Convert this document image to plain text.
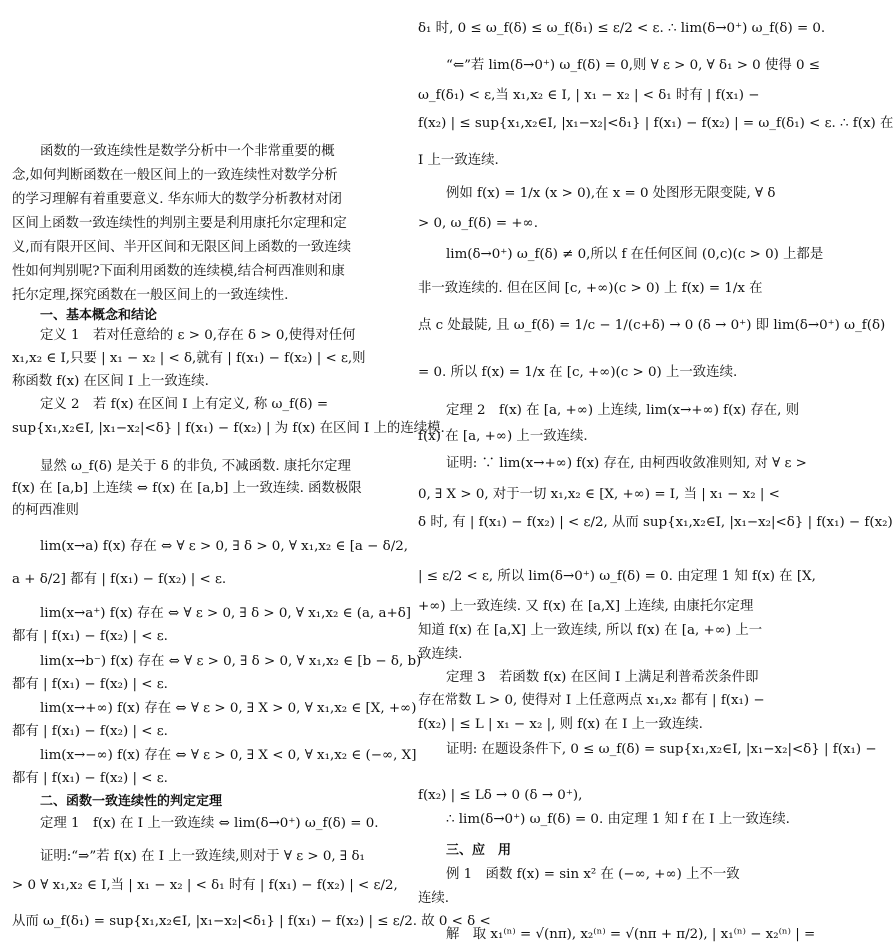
函数的一致连续性是数学分析中一个非常重要的概
念,如何判断函数在一般区间上的一致连续性对数学分析
的学习理解有着重要意义. 华东师大的数学分析教材对闭
区间上函数一致连续性的判别主要是利用康托尔定理和定
义,而有限开区间、半开区间和无限区间上函数的一致连续
性如何判别呢?下面利用函数的连续模,结合柯西准则和康
托尔定理,探究函数在一般区间上的一致连续性.
一、基本概念和结论
定义 1　若对任意给的 ε > 0,存在 δ > 0,使得对任何
x₁,x₂ ∈ I,只要 | x₁ − x₂ | < δ,就有 | f(x₁) − f(x₂) | < ε,则
称函数 f(x) 在区间 I 上一致连续.
定义 2　若 f(x) 在区间 I 上有定义, 称 ω_f(δ) =
sup{x₁,x₂∈I, |x₁−x₂|<δ} | f(x₁) − f(x₂) | 为 f(x) 在区间 I 上的连续模.
显然 ω_f(δ) 是关于 δ 的非负, 不减函数. 康托尔定理
f(x) 在 [a,b] 上连续 ⇔ f(x) 在 [a,b] 上一致连续. 函数极限
的柯西准则
lim(x→a) f(x) 存在 ⇔ ∀ ε > 0, ∃ δ > 0, ∀ x₁,x₂ ∈ [a − δ/2,
a + δ/2] 都有 | f(x₁) − f(x₂) | < ε.
lim(x→a⁺) f(x) 存在 ⇔ ∀ ε > 0, ∃ δ > 0, ∀ x₁,x₂ ∈ (a, a+δ]
都有 | f(x₁) − f(x₂) | < ε.
lim(x→b⁻) f(x) 存在 ⇔ ∀ ε > 0, ∃ δ > 0, ∀ x₁,x₂ ∈ [b − δ, b)
都有 | f(x₁) − f(x₂) | < ε.
lim(x→+∞) f(x) 存在 ⇔ ∀ ε > 0, ∃ X > 0, ∀ x₁,x₂ ∈ [X, +∞)
都有 | f(x₁) − f(x₂) | < ε.
lim(x→−∞) f(x) 存在 ⇔ ∀ ε > 0, ∃ X < 0, ∀ x₁,x₂ ∈ (−∞, X]
都有 | f(x₁) − f(x₂) | < ε.
二、函数一致连续性的判定定理
定理 1　f(x) 在 I 上一致连续 ⇔ lim(δ→0⁺) ω_f(δ) = 0.
证明:“⇒”若 f(x) 在 I 上一致连续,则对于 ∀ ε > 0, ∃ δ₁
> 0 ∀ x₁,x₂ ∈ I,当 | x₁ − x₂ | < δ₁ 时有 | f(x₁) − f(x₂) | < ε/2,
从而 ω_f(δ₁) = sup{x₁,x₂∈I, |x₁−x₂|<δ₁} | f(x₁) − f(x₂) | ≤ ε/2. 故 0 < δ <
δ₁ 时, 0 ≤ ω_f(δ) ≤ ω_f(δ₁) ≤ ε/2 < ε. ∴ lim(δ→0⁺) ω_f(δ) = 0.
“⇐”若 lim(δ→0⁺) ω_f(δ) = 0,则 ∀ ε > 0, ∀ δ₁ > 0 使得 0 ≤
ω_f(δ₁) < ε,当 x₁,x₂ ∈ I, | x₁ − x₂ | < δ₁ 时有 | f(x₁) −
f(x₂) | ≤ sup{x₁,x₂∈I, |x₁−x₂|<δ₁} | f(x₁) − f(x₂) | = ω_f(δ₁) < ε. ∴ f(x) 在
I 上一致连续.
例如 f(x) = 1/x (x > 0),在 x = 0 处图形无限变陡, ∀ δ
> 0, ω_f(δ) = +∞.
lim(δ→0⁺) ω_f(δ) ≠ 0,所以 f 在任何区间 (0,c)(c > 0) 上都是
非一致连续的. 但在区间 [c, +∞)(c > 0) 上 f(x) = 1/x 在
点 c 处最陡, 且 ω_f(δ) = 1/c − 1/(c+δ) → 0 (δ → 0⁺) 即 lim(δ→0⁺) ω_f(δ)
= 0. 所以 f(x) = 1/x 在 [c, +∞)(c > 0) 上一致连续.
定理 2　f(x) 在 [a, +∞) 上连续, lim(x→+∞) f(x) 存在, 则
f(x) 在 [a, +∞) 上一致连续.
证明: ∵ lim(x→+∞) f(x) 存在, 由柯西收敛准则知, 对 ∀ ε >
0, ∃ X > 0, 对于一切 x₁,x₂ ∈ [X, +∞) = I, 当 | x₁ − x₂ | <
δ 时, 有 | f(x₁) − f(x₂) | < ε/2, 从而 sup{x₁,x₂∈I, |x₁−x₂|<δ} | f(x₁) − f(x₂)
| ≤ ε/2 < ε, 所以 lim(δ→0⁺) ω_f(δ) = 0. 由定理 1 知 f(x) 在 [X,
+∞) 上一致连续. 又 f(x) 在 [a,X] 上连续, 由康托尔定理
知道 f(x) 在 [a,X] 上一致连续, 所以 f(x) 在 [a, +∞) 上一
致连续.
定理 3　若函数 f(x) 在区间 I 上满足利普希茨条件即
存在常数 L > 0, 使得对 I 上任意两点 x₁,x₂ 都有 | f(x₁) −
f(x₂) | ≤ L | x₁ − x₂ |, 则 f(x) 在 I 上一致连续.
证明: 在题设条件下, 0 ≤ ω_f(δ) = sup{x₁,x₂∈I, |x₁−x₂|<δ} | f(x₁) −
f(x₂) | ≤ Lδ → 0 (δ → 0⁺),
∴ lim(δ→0⁺) ω_f(δ) = 0. 由定理 1 知 f 在 I 上一致连续.
三、应　用
例 1　函数 f(x) = sin x² 在 (−∞, +∞) 上不一致
连续.
解　取 x₁⁽ⁿ⁾ = √(nπ), x₂⁽ⁿ⁾ = √(nπ + π/2), | x₁⁽ⁿ⁾ − x₂⁽ⁿ⁾ | =
